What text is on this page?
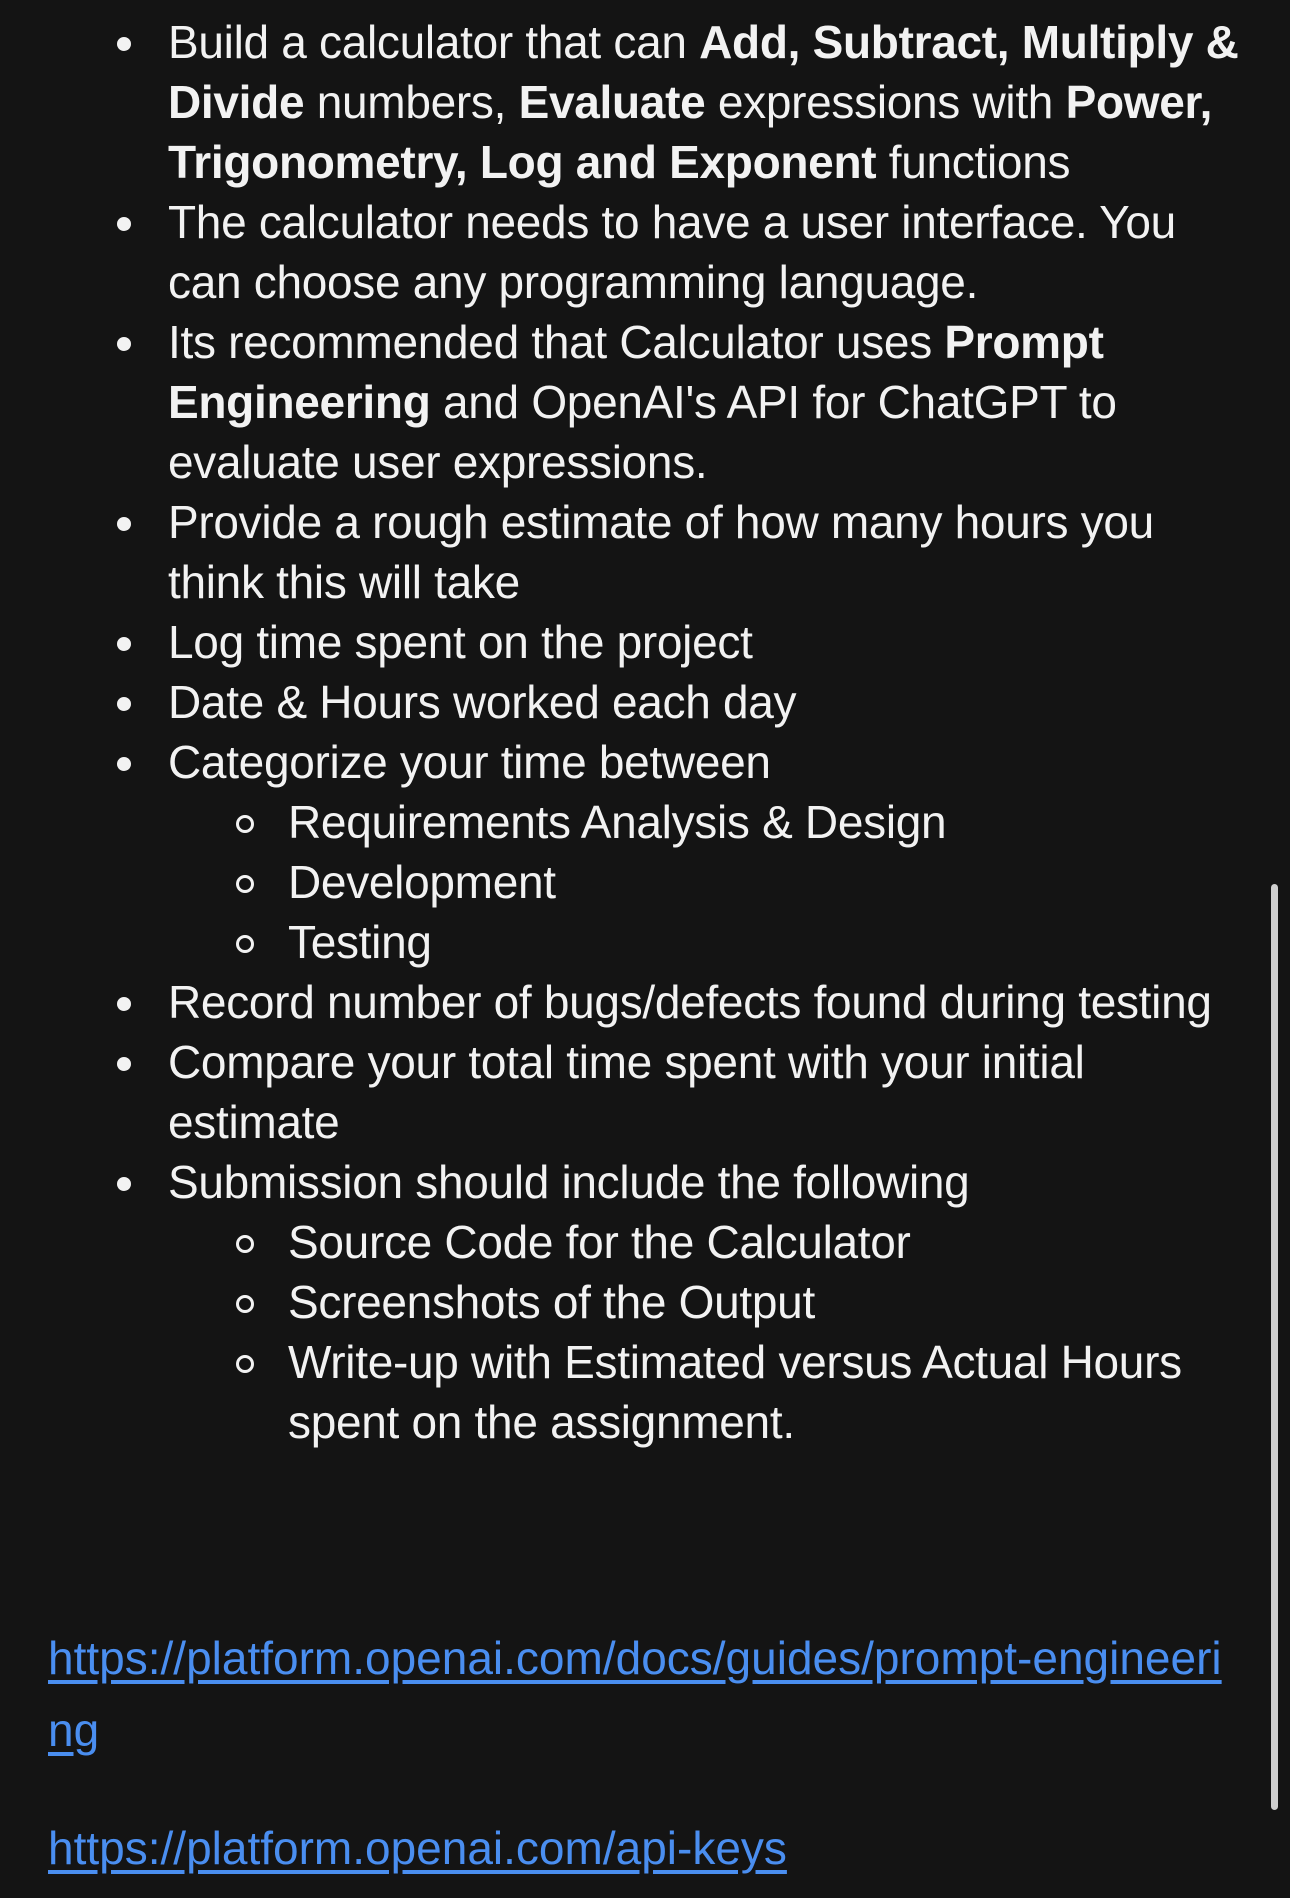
Build a calculator that can Add, Subtract, Multiply & Divide numbers, Evaluate expressions with Power, Trigonometry, Log and Exponent functions
The calculator needs to have a user interface. You can choose any programming language.
Its recommended that Calculator uses Prompt Engineering and OpenAI's API for ChatGPT to evaluate user expressions.
Provide a rough estimate of how many hours you think this will take
Log time spent on the project
Date & Hours worked each day
Categorize your time between
Requirements Analysis & Design
Development
Testing
Record number of bugs/defects found during testing
Compare your total time spent with your initial estimate
Submission should include the following
Source Code for the Calculator
Screenshots of the Output
Write-up with Estimated versus Actual Hours spent on the assignment.
https://platform.openai.com/docs/guides/prompt-engineering
https://platform.openai.com/api-keys
